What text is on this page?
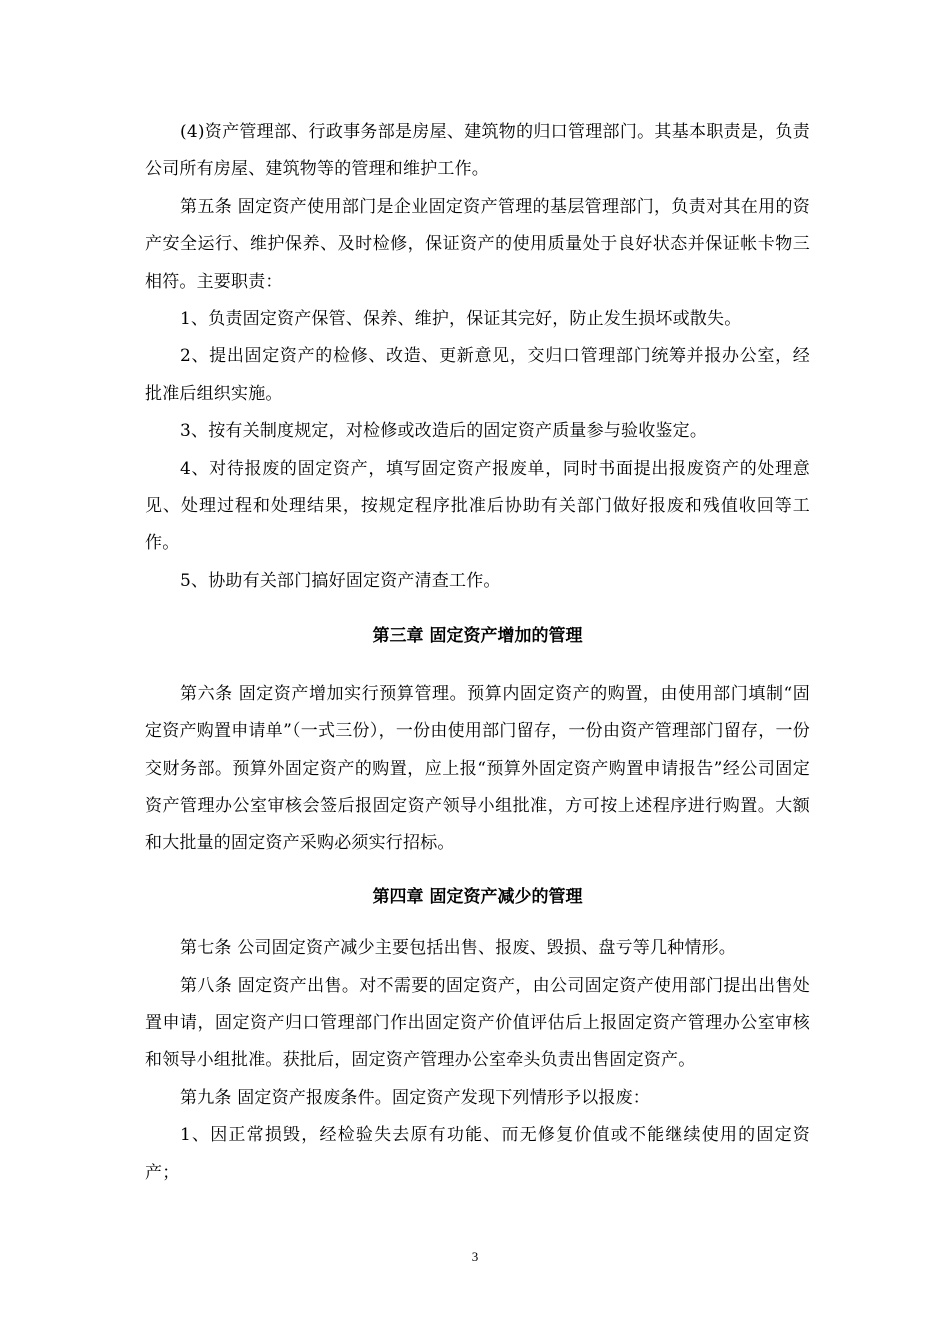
(4)资产管理部、行政事务部是房屋、建筑物的归口管理部门。其基本职责是，负责公司所有房屋、建筑物等的管理和维护工作。

第五条 固定资产使用部门是企业固定资产管理的基层管理部门，负责对其在用的资产安全运行、维护保养、及时检修，保证资产的使用质量处于良好状态并保证帐卡物三相符。主要职责：

1、负责固定资产保管、保养、维护，保证其完好，防止发生损坏或散失。

2、提出固定资产的检修、改造、更新意见，交归口管理部门统筹并报办公室，经批准后组织实施。

3、按有关制度规定，对检修或改造后的固定资产质量参与验收鉴定。

4、对待报废的固定资产，填写固定资产报废单，同时书面提出报废资产的处理意见、处理过程和处理结果，按规定程序批准后协助有关部门做好报废和残值收回等工作。

5、协助有关部门搞好固定资产清查工作。

第三章 固定资产增加的管理

第六条 固定资产增加实行预算管理。预算内固定资产的购置，由使用部门填制“固定资产购置申请单”（一式三份），一份由使用部门留存，一份由资产管理部门留存，一份交财务部。预算外固定资产的购置，应上报“预算外固定资产购置申请报告”经公司固定资产管理办公室审核会签后报固定资产领导小组批准，方可按上述程序进行购置。大额和大批量的固定资产采购必须实行招标。

第四章 固定资产减少的管理

第七条 公司固定资产减少主要包括出售、报废、毁损、盘亏等几种情形。

第八条 固定资产出售。对不需要的固定资产，由公司固定资产使用部门提出出售处置申请，固定资产归口管理部门作出固定资产价值评估后上报固定资产管理办公室审核和领导小组批准。获批后，固定资产管理办公室牵头负责出售固定资产。

第九条 固定资产报废条件。固定资产发现下列情形予以报废：

1、因正常损毁，经检验失去原有功能、而无修复价值或不能继续使用的固定资产；

3
